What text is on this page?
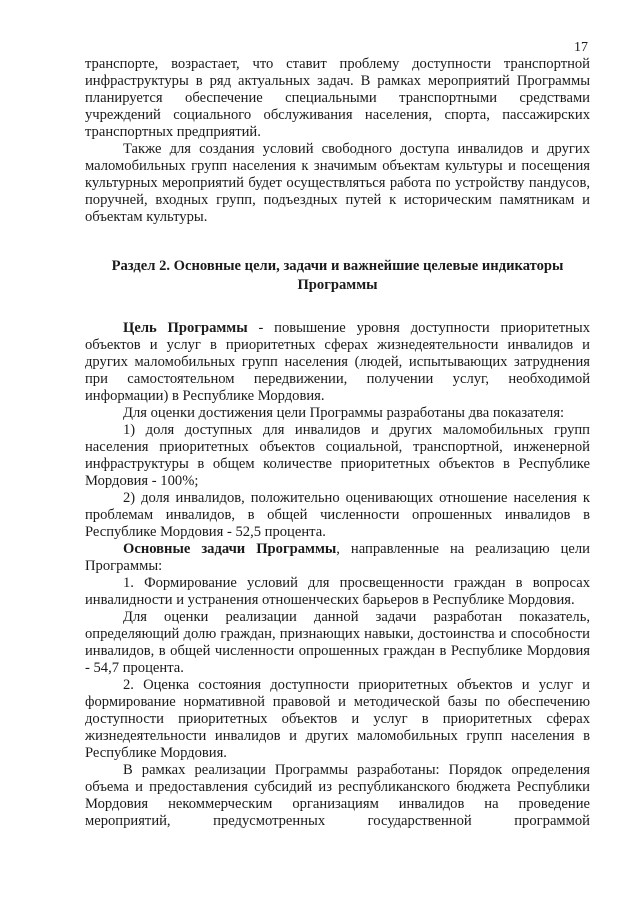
17

транспорте, возрастает, что ставит проблему доступности транспортной инфраструктуры в ряд актуальных задач. В рамках мероприятий Программы планируется обеспечение специальными транспортными средствами учреждений социального обслуживания населения, спорта, пассажирских транспортных предприятий.

Также для создания условий свободного доступа инвалидов и других маломобильных групп населения к значимым объектам культуры и посещения культурных мероприятий будет осуществляться работа по устройству пандусов, поручней, входных групп, подъездных путей к историческим памятникам и объектам культуры.

Раздел 2. Основные цели, задачи и важнейшие целевые индикаторы Программы

Цель Программы - повышение уровня доступности приоритетных объектов и услуг в приоритетных сферах жизнедеятельности инвалидов и других маломобильных групп населения (людей, испытывающих затруднения при самостоятельном передвижении, получении услуг, необходимой информации) в Республике Мордовия.

Для оценки достижения цели Программы разработаны два показателя:

1) доля доступных для инвалидов и других маломобильных групп населения приоритетных объектов социальной, транспортной, инженерной инфраструктуры в общем количестве приоритетных объектов в Республике Мордовия - 100%;

2) доля инвалидов, положительно оценивающих отношение населения к проблемам инвалидов, в общей численности опрошенных инвалидов в Республике Мордовия - 52,5 процента.

Основные задачи Программы, направленные на реализацию цели Программы:

1. Формирование условий для просвещенности граждан в вопросах инвалидности и устранения отношенческих барьеров в Республике Мордовия.

Для оценки реализации данной задачи разработан показатель, определяющий долю граждан, признающих навыки, достоинства и способности инвалидов, в общей численности опрошенных граждан в Республике Мордовия - 54,7 процента.

2. Оценка состояния доступности приоритетных объектов и услуг и формирование нормативной правовой и методической базы по обеспечению доступности приоритетных объектов и услуг в приоритетных сферах жизнедеятельности инвалидов и других маломобильных групп населения в Республике Мордовия.

В рамках реализации Программы разработаны: Порядок определения объема и предоставления субсидий из республиканского бюджета Республики Мордовия некоммерческим организациям инвалидов на проведение мероприятий, предусмотренных государственной программой
